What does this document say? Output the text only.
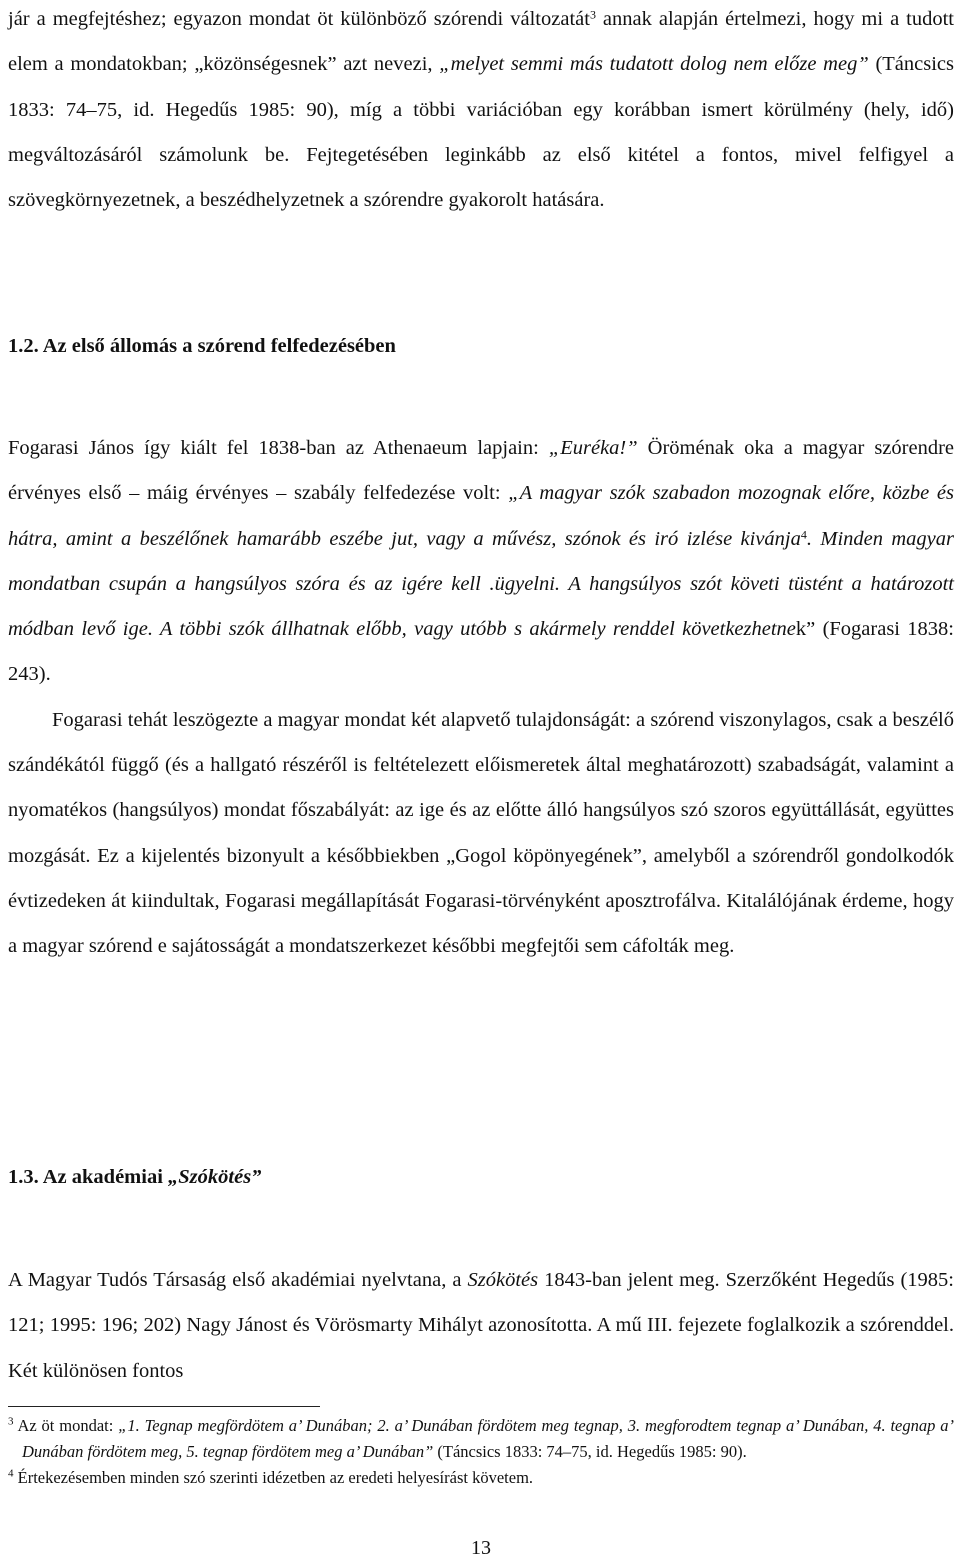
jár a megfejtéshez; egyazon mondat öt különböző szórendi változatát$^3$ annak alapján értelmezi, hogy mi a tudott elem a mondatokban; „közönségesnek” azt nevezi, „melyet semmi más tudatott dolog nem előze meg” (Táncsics 1833: 74–75, id. Hegedűs 1985: 90), míg a többi variációban egy korábban ismert körülmény (hely, idő) megváltozásáról számolunk be. Fejtegetésében leginkább az első kitétel a fontos, mivel felfigyel a szövegkörnyezetnek, a beszédhelyzetnek a szórendre gyakorolt hatására.

1.2. Az első állomás a szórend felfedezésében

Fogarasi János így kiált fel 1838-ban az Athenaeum lapjain: „Euréka!” Öröménak oka a magyar szórendre érvényes első – máig érvényes – szabály felfedezése volt: „A magyar szók szabadon mozognak előre, közbe és hátra, amint a beszélőnek hamarább eszébe jut, vagy a művész, szónok és iró izlése kivánja$^4$. Minden magyar mondatban csupán a hangsúlyos szóra és az igére kell .ügyelni. A hangsúlyos szót követi tüstént a határozott módban levő ige. A többi szók állhatnak előbb, vagy utóbb s akármely renddel következhetnek” (Fogarasi 1838: 243).

Fogarasi tehát leszögezte a magyar mondat két alapvető tulajdonságát: a szórend viszonylagos, csak a beszélő szándékától függő (és a hallgató részéről is feltételezett előismeretek által meghatározott) szabadságát, valamint a nyomatékos (hangsúlyos) mondat főszabályát: az ige és az előtte álló hangsúlyos szó szoros együttállását, együttes mozgását. Ez a kijelentés bizonyult a későbbiekben „Gogol köpönyegének”, amelyből a szórendről gondolkodók évtizedeken át kiindultak, Fogarasi megállapítását Fogarasi-törvényként aposztrofálva. Kitalálójának érdeme, hogy a magyar szórend e sajátosságát a mondatszerkezet későbbi megfejtői sem cáfolták meg.

1.3. Az akadémiai „Szókötés”

A Magyar Tudós Társaság első akadémiai nyelvtana, a Szókötés 1843-ban jelent meg. Szerzőként Hegedűs (1985: 121; 1995: 196; 202) Nagy Jánost és Vörösmarty Mihályt azonosította. A mű III. fejezete foglalkozik a szórenddel. Két különösen fontos

$^3$ Az öt mondat: „1. Tegnap megfördötem a’ Dunában; 2. a’ Dunában fördötem meg tegnap, 3. megforodtem tegnap a’ Dunában, 4. tegnap a’ Dunában fördötem meg, 5. tegnap fördötem meg a’ Dunában” (Táncsics 1833: 74–75, id. Hegedűs 1985: 90).

$^4$ Értekezésemben minden szó szerinti idézetben az eredeti helyesírást követem.

13
